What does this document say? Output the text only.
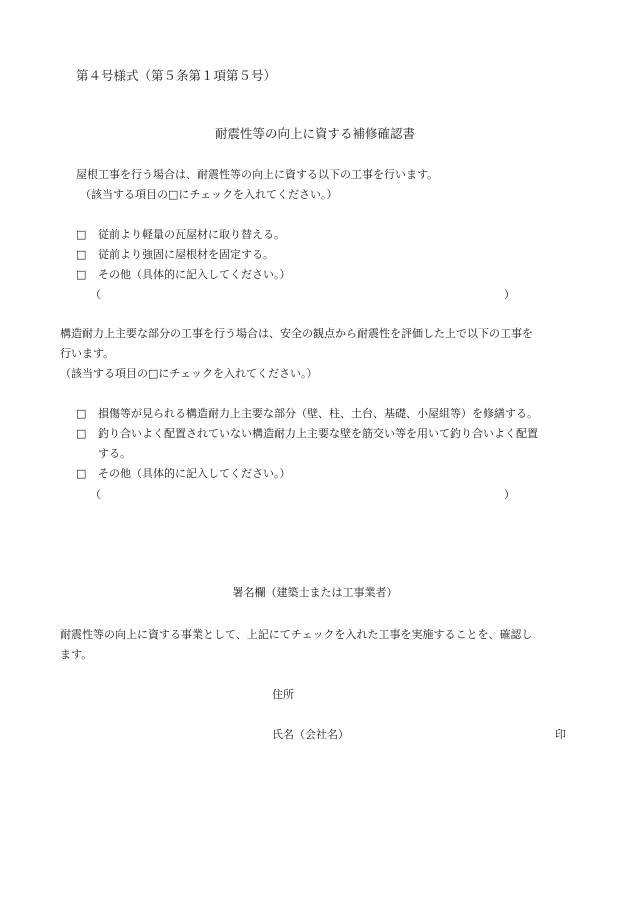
第４号様式（第５条第１項第５号）
耐震性等の向上に資する補修確認書
屋根工事を行う場合は、耐震性等の向上に資する以下の工事を行います。
（該当する項目の□にチェックを入れてください。）
□ 従前より軽量の瓦屋材に取り替える。
□ 従前より強固に屋根材を固定する。
□ その他（具体的に記入してください。）
（	）
構造耐力上主要な部分の工事を行う場合は、安全の観点から耐震性を評価した上で以下の工事を
行います。
（該当する項目の□にチェックを入れてください。）
□ 損傷等が見られる構造耐力上主要な部分（壁、柱、土台、基礎、小屋組等）を修繕する。
□ 釣り合いよく配置されていない構造耐力上主要な壁を筋交い等を用いて釣り合いよく配置
する。
□ その他（具体的に記入してください。）
（	）
署名欄（建築士または工事業者）
耐震性等の向上に資する事業として、上記にてチェックを入れた工事を実施することを、確認し
ます。
住所
氏名（会社名）	印
